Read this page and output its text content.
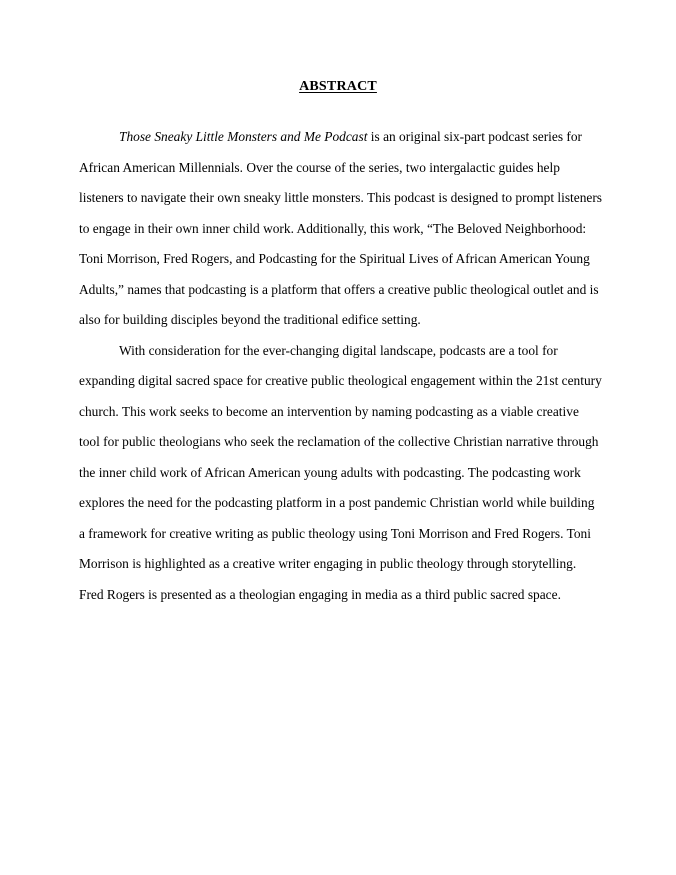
ABSTRACT

Those Sneaky Little Monsters and Me Podcast is an original six-part podcast series for African American Millennials. Over the course of the series, two intergalactic guides help listeners to navigate their own sneaky little monsters. This podcast is designed to prompt listeners to engage in their own inner child work. Additionally, this work, “The Beloved Neighborhood: Toni Morrison, Fred Rogers, and Podcasting for the Spiritual Lives of African American Young Adults,” names that podcasting is a platform that offers a creative public theological outlet and is also for building disciples beyond the traditional edifice setting.

With consideration for the ever-changing digital landscape, podcasts are a tool for expanding digital sacred space for creative public theological engagement within the 21st century church. This work seeks to become an intervention by naming podcasting as a viable creative tool for public theologians who seek the reclamation of the collective Christian narrative through the inner child work of African American young adults with podcasting. The podcasting work explores the need for the podcasting platform in a post pandemic Christian world while building a framework for creative writing as public theology using Toni Morrison and Fred Rogers. Toni Morrison is highlighted as a creative writer engaging in public theology through storytelling. Fred Rogers is presented as a theologian engaging in media as a third public sacred space.
